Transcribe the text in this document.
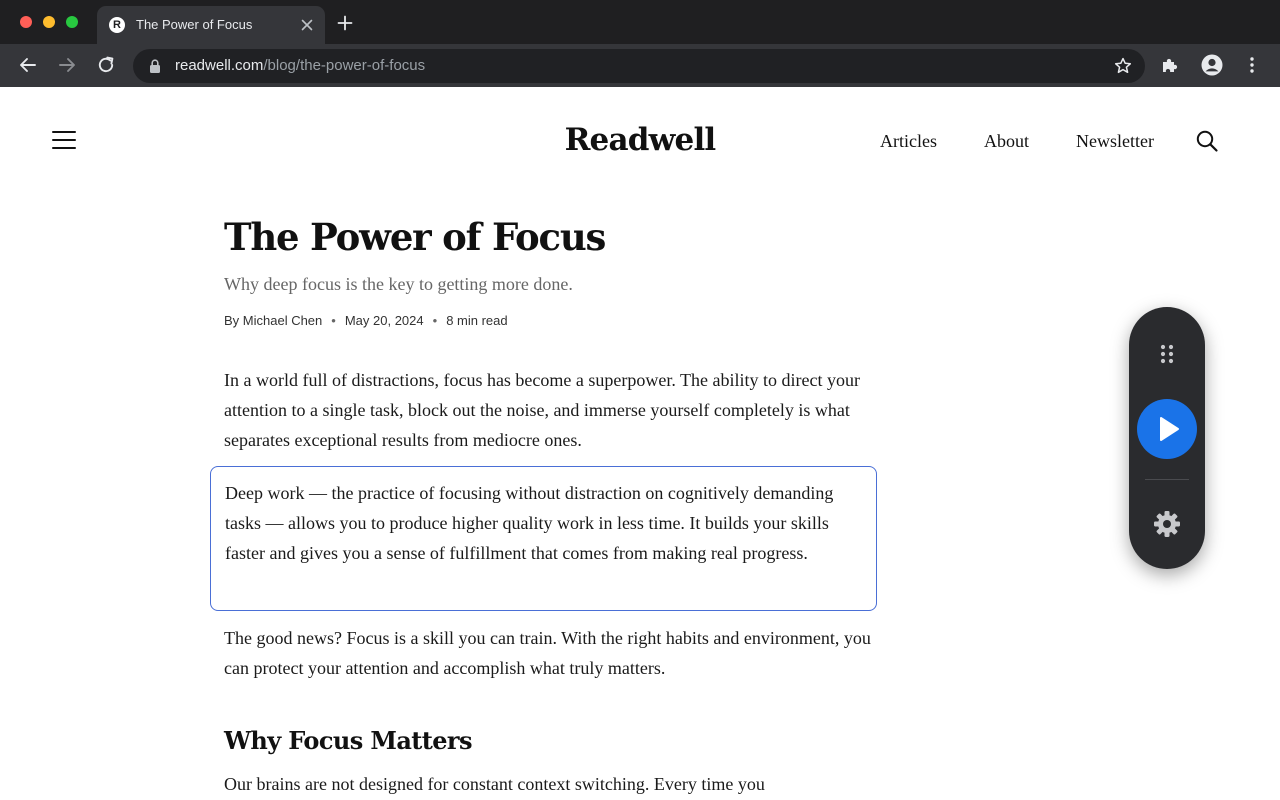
R	The Power of Focus
readwell.com/blog/the-power-of-focus
Readwell	Articles	About	Newsletter
The Power of Focus
Why deep focus is the key to getting more done.
By Michael Chen • May 20, 2024 • 8 min read

In a world full of distractions, focus has become a superpower. The ability to direct your attention to a single task, block out the noise, and immerse yourself completely is what separates exceptional results from mediocre ones.

Deep work — the practice of focusing without distraction on cognitively demanding tasks — allows you to produce higher quality work in less time. It builds your skills faster and gives you a sense of fulfillment that comes from making real progress.

The good news? Focus is a skill you can train. With the right habits and environment, you can protect your attention and accomplish what truly matters.

Why Focus Matters

Our brains are not designed for constant context switching. Every time you
